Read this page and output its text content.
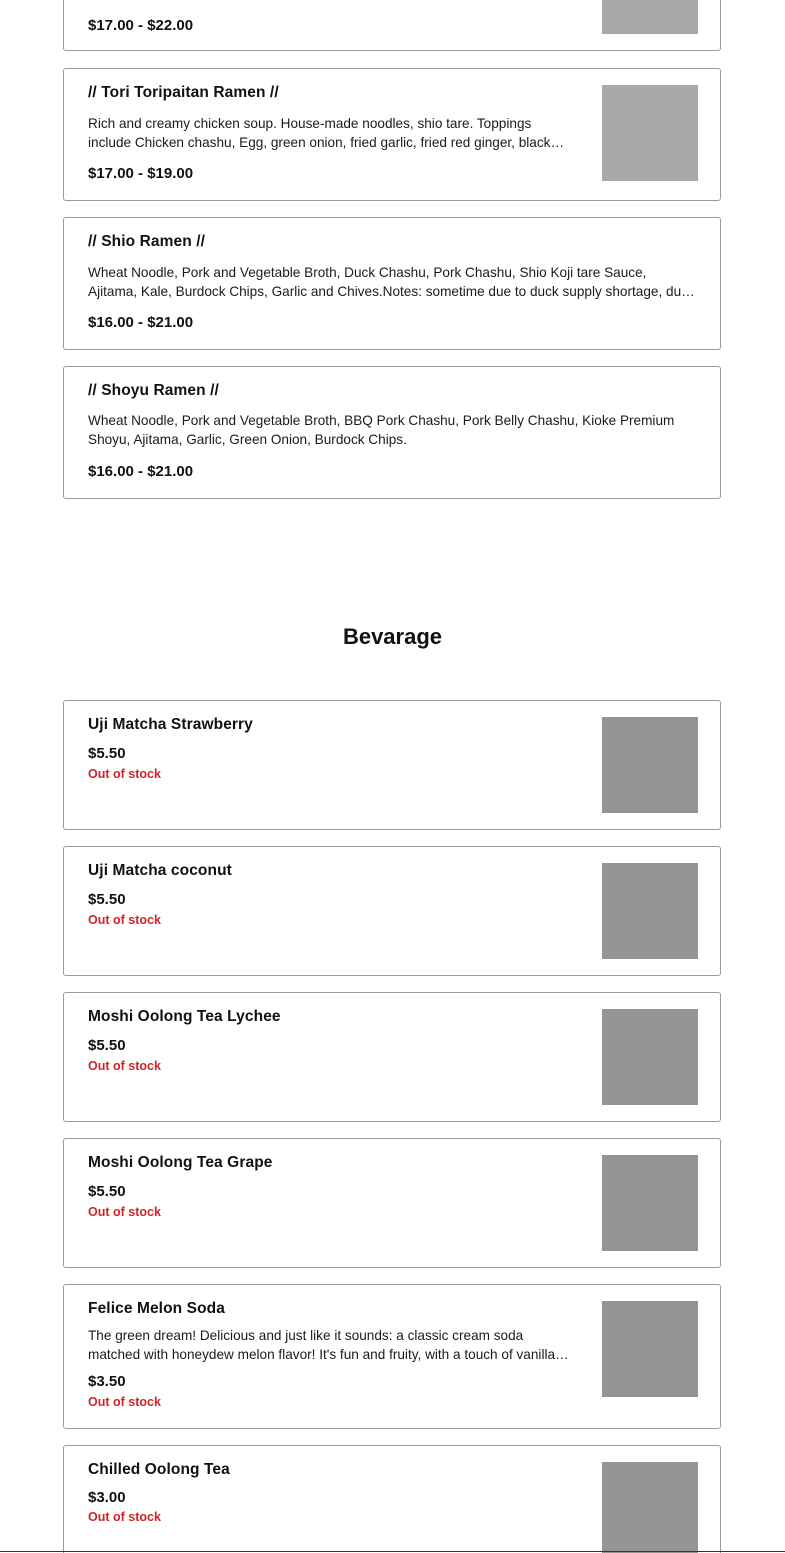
$17.00 - $22.00
// Tori Toripaitan Ramen //
Rich and creamy chicken soup. House-made noodles, shio tare. Toppings include Chicken chashu, Egg, green onion, fried garlic, fried red ginger, black
$17.00 - $19.00
// Shio Ramen //
Wheat Noodle, Pork and Vegetable Broth, Duck Chashu, Pork Chashu, Shio Koji tare Sauce, Ajitama, Kale, Burdock Chips, Garlic and Chives.Notes: sometime due to duck supply shortage, duck
$16.00 - $21.00
// Shoyu Ramen //
Wheat Noodle, Pork and Vegetable Broth, BBQ Pork Chashu, Pork Belly Chashu, Kioke Premium Shoyu, Ajitama, Garlic, Green Onion, Burdock Chips.
$16.00 - $21.00
Bevarage
Uji Matcha Strawberry
$5.50
Out of stock
Uji Matcha coconut
$5.50
Out of stock
Moshi Oolong Tea Lychee
$5.50
Out of stock
Moshi Oolong Tea Grape
$5.50
Out of stock
Felice Melon Soda
The green dream! Delicious and just like it sounds: a classic cream soda matched with honeydew melon flavor! It's fun and fruity, with a touch of vanilla
$3.50
Out of stock
Chilled Oolong Tea
$3.00
Out of stock
